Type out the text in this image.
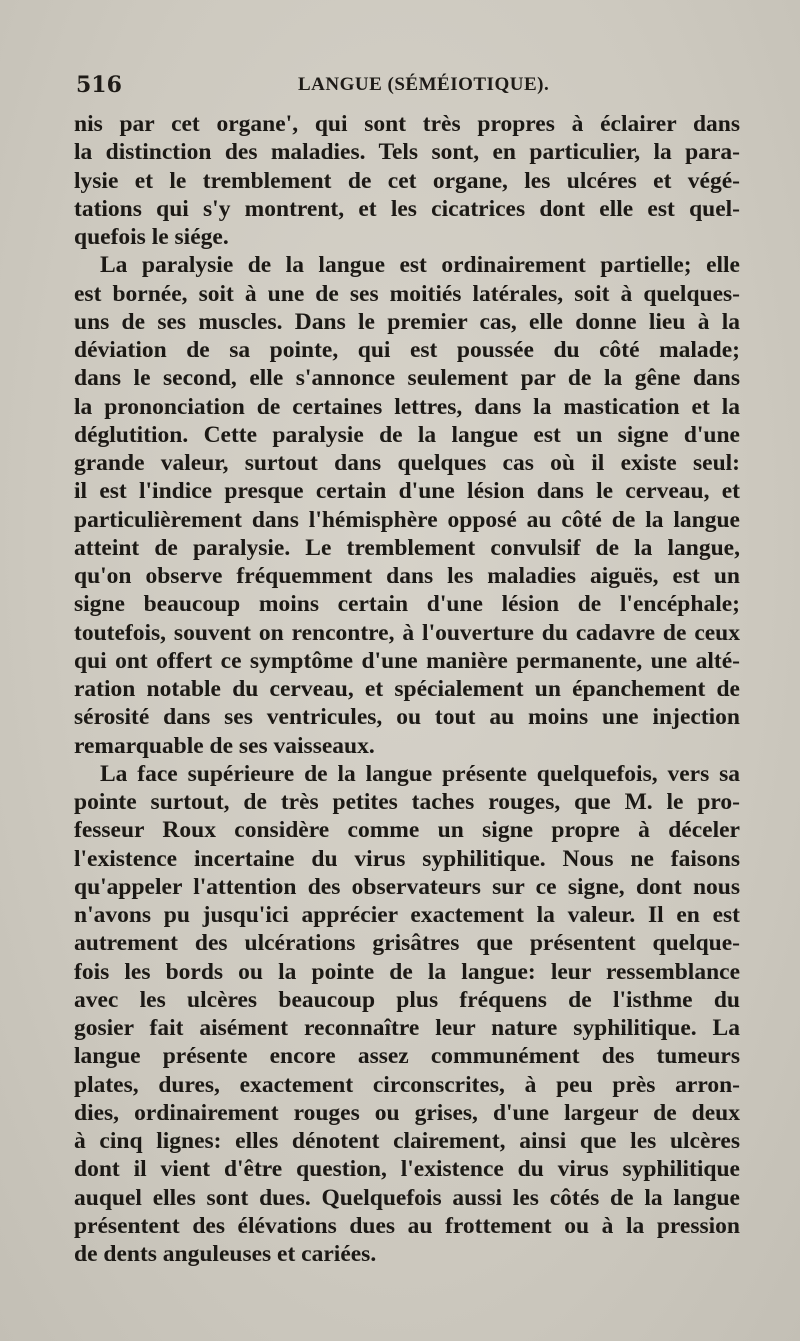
516	LANGUE (SÉMÉIOTIQUE).
nis par cet organe', qui sont très propres à éclairer dans
la distinction des maladies. Tels sont, en particulier, la para-
lysie et le tremblement de cet organe, les ulcéres et végé-
tations qui s'y montrent, et les cicatrices dont elle est quel-
quefois le siége.
La paralysie de la langue est ordinairement partielle; elle
est bornée, soit à une de ses moitiés latérales, soit à quelques-
uns de ses muscles. Dans le premier cas, elle donne lieu à la
déviation de sa pointe, qui est poussée du côté malade;
dans le second, elle s'annonce seulement par de la gêne dans
la prononciation de certaines lettres, dans la mastication et la
déglutition. Cette paralysie de la langue est un signe d'une
grande valeur, surtout dans quelques cas où il existe seul:
il est l'indice presque certain d'une lésion dans le cerveau, et
particulièrement dans l'hémisphère opposé au côté de la langue
atteint de paralysie. Le tremblement convulsif de la langue,
qu'on observe fréquemment dans les maladies aiguës, est un
signe beaucoup moins certain d'une lésion de l'encéphale;
toutefois, souvent on rencontre, à l'ouverture du cadavre de ceux
qui ont offert ce symptôme d'une manière permanente, une alté-
ration notable du cerveau, et spécialement un épanchement de
sérosité dans ses ventricules, ou tout au moins une injection
remarquable de ses vaisseaux.
La face supérieure de la langue présente quelquefois, vers sa
pointe surtout, de très petites taches rouges, que M. le pro-
fesseur Roux considère comme un signe propre à déceler
l'existence incertaine du virus syphilitique. Nous ne faisons
qu'appeler l'attention des observateurs sur ce signe, dont nous
n'avons pu jusqu'ici apprécier exactement la valeur. Il en est
autrement des ulcérations grisâtres que présentent quelque-
fois les bords ou la pointe de la langue: leur ressemblance
avec les ulcères beaucoup plus fréquens de l'isthme du
gosier fait aisément reconnaître leur nature syphilitique. La
langue présente encore assez communément des tumeurs
plates, dures, exactement circonscrites, à peu près arron-
dies, ordinairement rouges ou grises, d'une largeur de deux
à cinq lignes: elles dénotent clairement, ainsi que les ulcères
dont il vient d'être question, l'existence du virus syphilitique
auquel elles sont dues. Quelquefois aussi les côtés de la langue
présentent des élévations dues au frottement ou à la pression
de dents anguleuses et cariées.
